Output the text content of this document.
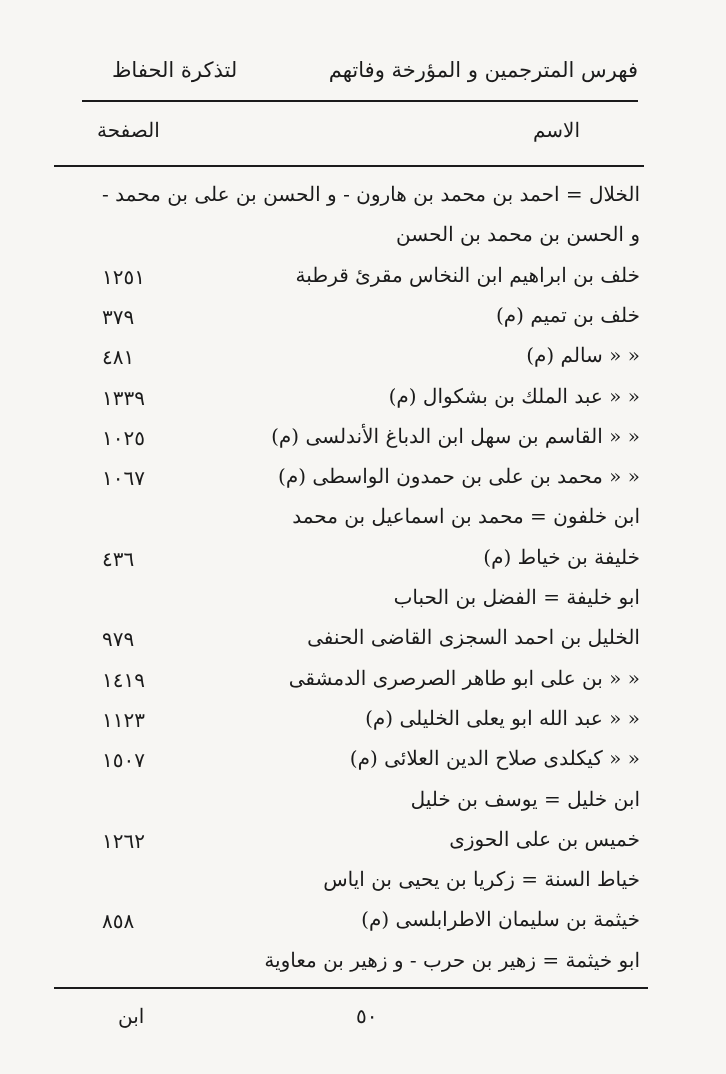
فهرس المترجمين و المؤرخة وفاتهم
لتذكرة الحفاظ
الاسم
الصفحة
الخلال = احمد بن محمد بن هارون - و الحسن بن على بن محمد -
و الحسن بن محمد بن الحسن
خلف بن ابراهيم ابن النخاس مقرئ قرطبة
١٢٥١
خلف بن تميم (م)
٣٧٩
« « سالم (م)
٤٨١
« « عبد الملك بن بشكوال (م)
١٣٣٩
« « القاسم بن سهل ابن الدباغ الأندلسى (م)
١٠٢٥
« « محمد بن على بن حمدون الواسطى (م)
١٠٦٧
ابن خلفون = محمد بن اسماعيل بن محمد
خليفة بن خياط (م)
٤٣٦
ابو خليفة = الفضل بن الحباب
الخليل بن احمد السجزى القاضى الحنفى
٩٧٩
« « بن على ابو طاهر الصرصرى الدمشقى
١٤١٩
« « عبد الله ابو يعلى الخليلى (م)
١١٢٣
« « كيكلدى صلاح الدين العلائى (م)
١٥٠٧
ابن خليل = يوسف بن خليل
خميس بن على الحوزى
١٢٦٢
خياط السنة = زكريا بن يحيى بن اياس
خيثمة بن سليمان الاطرابلسى (م)
٨٥٨
ابو خيثمة = زهير بن حرب - و زهير بن معاوية
٥٠
ابن
